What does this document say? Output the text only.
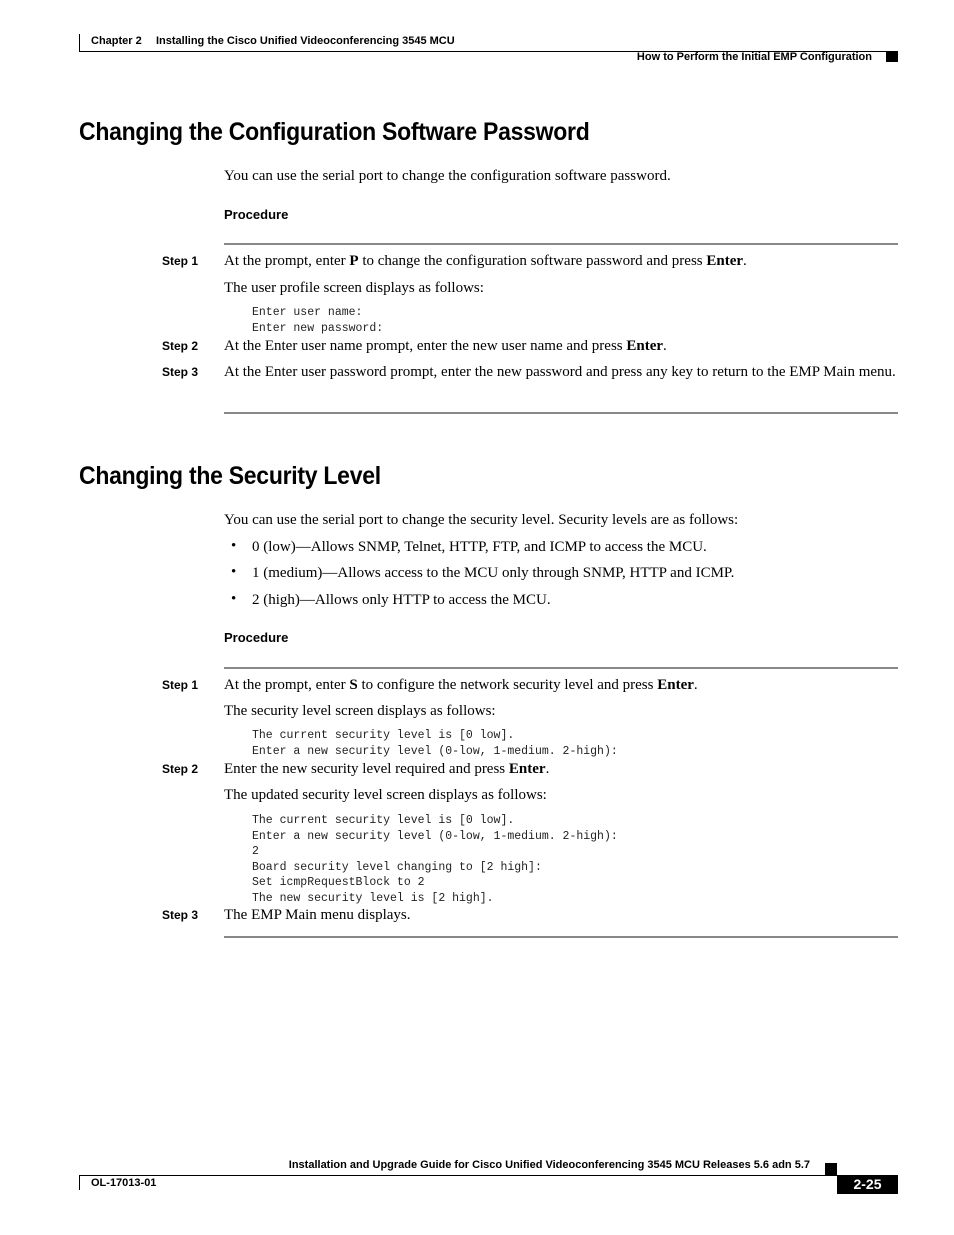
Chapter 2 Installing the Cisco Unified Videoconferencing 3545 MCU
How to Perform the Initial EMP Configuration
Changing the Configuration Software Password
You can use the serial port to change the configuration software password.
Procedure
Step 1 At the prompt, enter P to change the configuration software password and press Enter.
The user profile screen displays as follows:
Enter user name:
Enter new password:
Step 2 At the Enter user name prompt, enter the new user name and press Enter.
Step 3 At the Enter user password prompt, enter the new password and press any key to return to the EMP Main menu.
Changing the Security Level
You can use the serial port to change the security level. Security levels are as follows:
• 0 (low)—Allows SNMP, Telnet, HTTP, FTP, and ICMP to access the MCU.
• 1 (medium)—Allows access to the MCU only through SNMP, HTTP and ICMP.
• 2 (high)—Allows only HTTP to access the MCU.
Procedure
Step 1 At the prompt, enter S to configure the network security level and press Enter.
The security level screen displays as follows:
The current security level is [0 low].
Enter a new security level (0-low, 1-medium. 2-high):
Step 2 Enter the new security level required and press Enter.
The updated security level screen displays as follows:
The current security level is [0 low].
Enter a new security level (0-low, 1-medium. 2-high):
2
Board security level changing to [2 high]:
Set icmpRequestBlock to 2
The new security level is [2 high].
Step 3 The EMP Main menu displays.
Installation and Upgrade Guide for Cisco Unified Videoconferencing 3545 MCU Releases 5.6 adn 5.7
OL-17013-01	2-25
